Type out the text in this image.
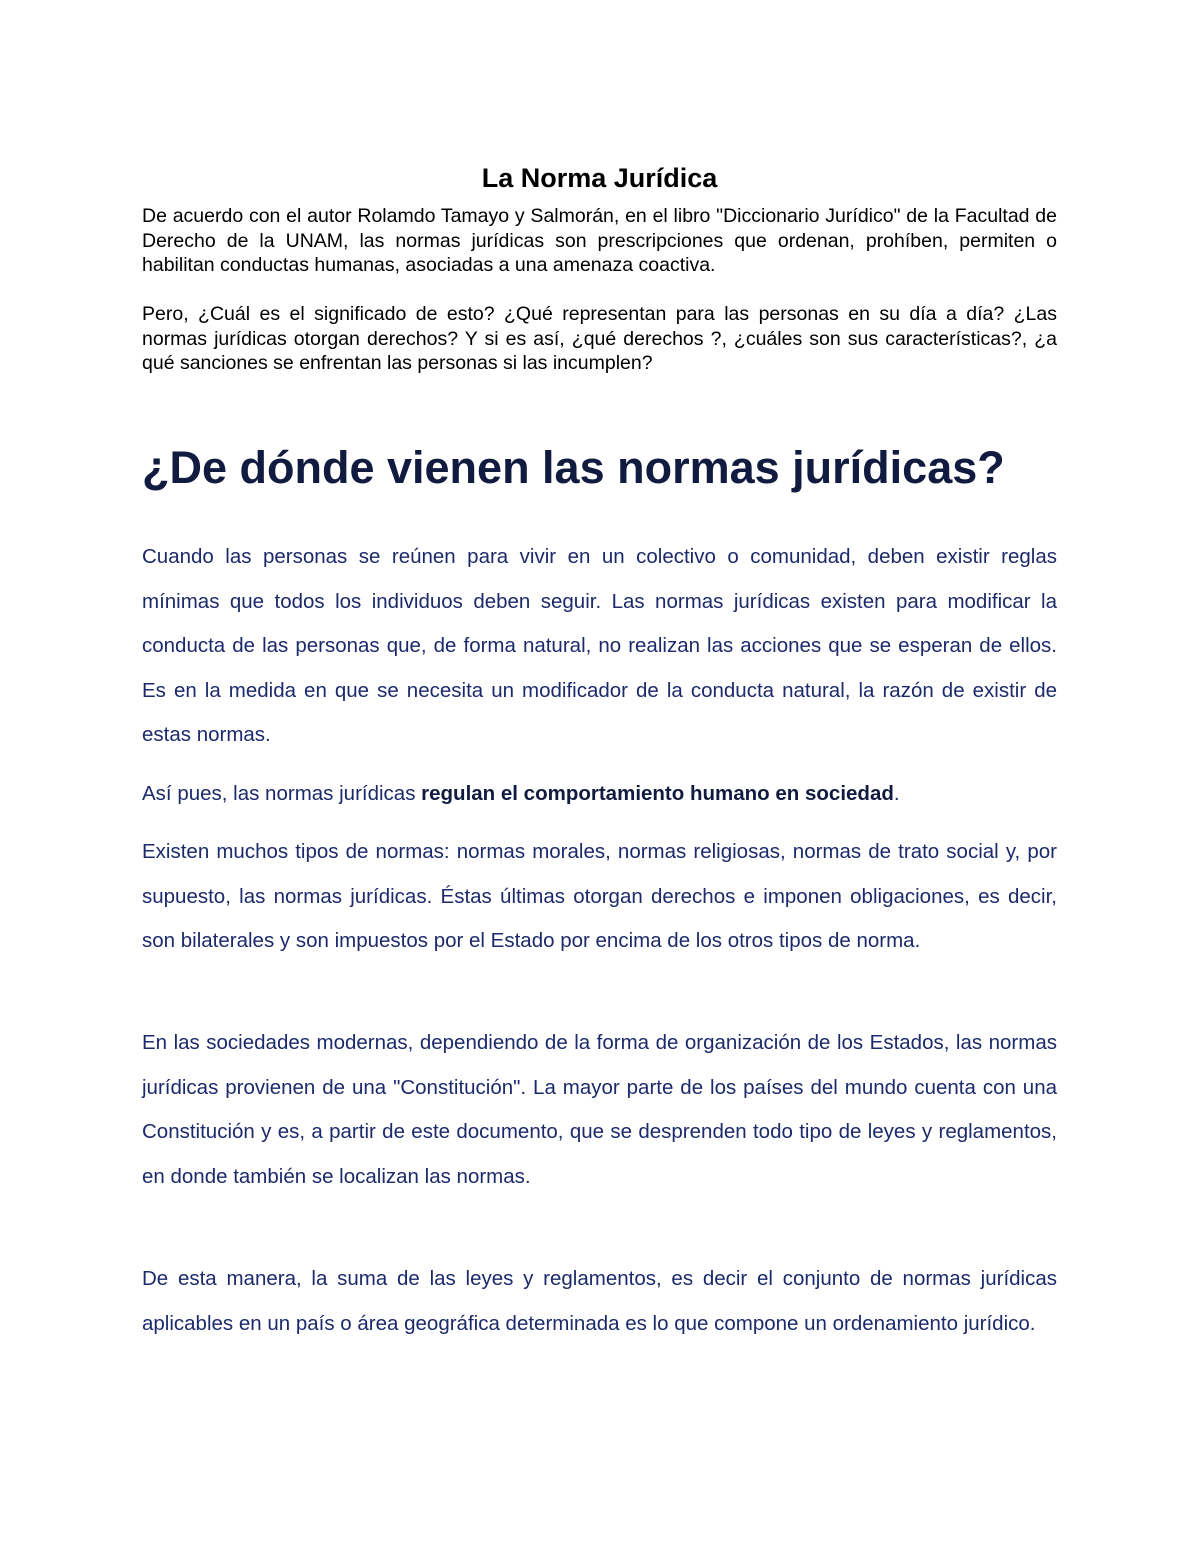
La Norma Jurídica

De acuerdo con el autor Rolamdo Tamayo y Salmorán, en el libro "Diccionario Jurídico" de la Facultad de Derecho de la UNAM, las normas jurídicas son prescripciones que ordenan, prohíben, permiten o habilitan conductas humanas, asociadas a una amenaza coactiva.

Pero, ¿Cuál es el significado de esto? ¿Qué representan para las personas en su día a día? ¿Las normas jurídicas otorgan derechos? Y si es así, ¿qué derechos ?, ¿cuáles son sus características?, ¿a qué sanciones se enfrentan las personas si las incumplen?

¿De dónde vienen las normas jurídicas?

Cuando las personas se reúnen para vivir en un colectivo o comunidad, deben existir reglas mínimas que todos los individuos deben seguir. Las normas jurídicas existen para modificar la conducta de las personas que, de forma natural, no realizan las acciones que se esperan de ellos. Es en la medida en que se necesita un modificador de la conducta natural, la razón de existir de estas normas.

Así pues, las normas jurídicas regulan el comportamiento humano en sociedad.

Existen muchos tipos de normas: normas morales, normas religiosas, normas de trato social y, por supuesto, las normas jurídicas. Éstas últimas otorgan derechos e imponen obligaciones, es decir, son bilaterales y son impuestos por el Estado por encima de los otros tipos de norma.

En las sociedades modernas, dependiendo de la forma de organización de los Estados, las normas jurídicas provienen de una "Constitución". La mayor parte de los países del mundo cuenta con una Constitución y es, a partir de este documento, que se desprenden todo tipo de leyes y reglamentos, en donde también se localizan las normas.

De esta manera, la suma de las leyes y reglamentos, es decir el conjunto de normas jurídicas aplicables en un país o área geográfica determinada es lo que compone un ordenamiento jurídico.
